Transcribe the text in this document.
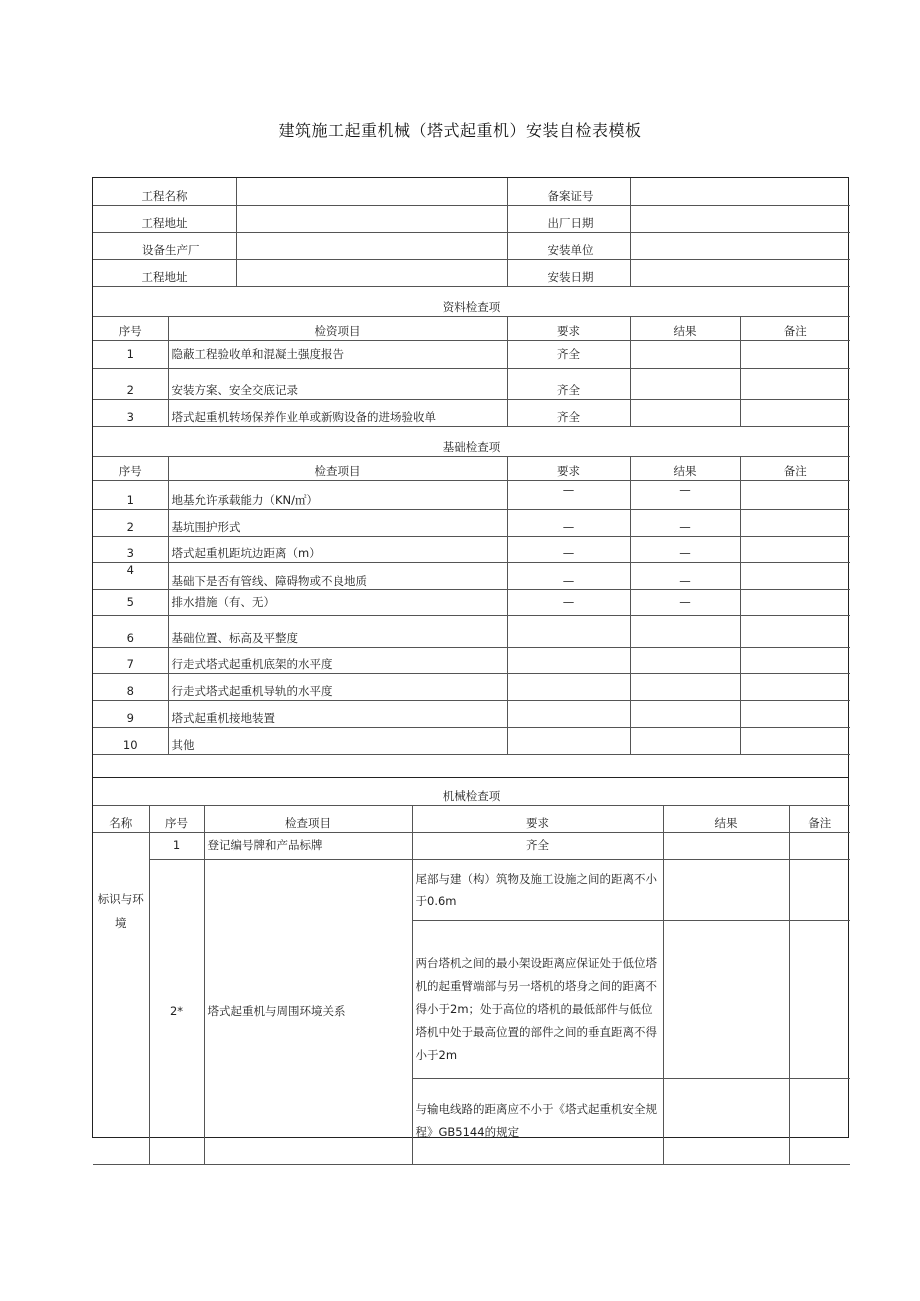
建筑施工起重机械（塔式起重机）安装自检表模板
工程名称			备案证号		
工程地址			出厂日期		
设备生产厂			安装单位		
工程地址			安装日期		
资料检查项					
序号	检资项目		要求	结果	备注
1	隐蔽工程验收单和混凝土强度报告		齐全		
2	安装方案、安全交底记录		齐全		
3	塔式起重机转场保养作业单或新购设备的进场验收单		齐全		
基础检查项					
序号	检查项目		要求	结果	备注
1	地基允许承载能力（KN/㎡）		—	—	
2	基坑围护形式		—	—	
3	塔式起重机距坑边距离（m）		—	—	
4	基础下是否有管线、障碍物或不良地质		—	—	
5	排水措施（有、无）		—	—	
6	基础位置、标高及平整度				
7	行走式塔式起重机底架的水平度				
8	行走式塔式起重机导轨的水平度				
9	塔式起重机接地装置				
10	其他				
机械检查项					
名称	序号	检查项目	要求	结果	备注
标识与环境	1	登记编号牌和产品标牌	齐全		
	2*	塔式起重机与周围环境关系	尾部与建（构）筑物及施工设施之间的距离不小于0.6m		
			两台塔机之间的最小架设距离应保证处于低位塔机的起重臂端部与另一塔机的塔身之间的距离不得小于2m；处于高位的塔机的最低部件与低位塔机中处于最高位置的部件之间的垂直距离不得小于2m		
			与输电线路的距离应不小于《塔式起重机安全规程》GB5144的规定		
